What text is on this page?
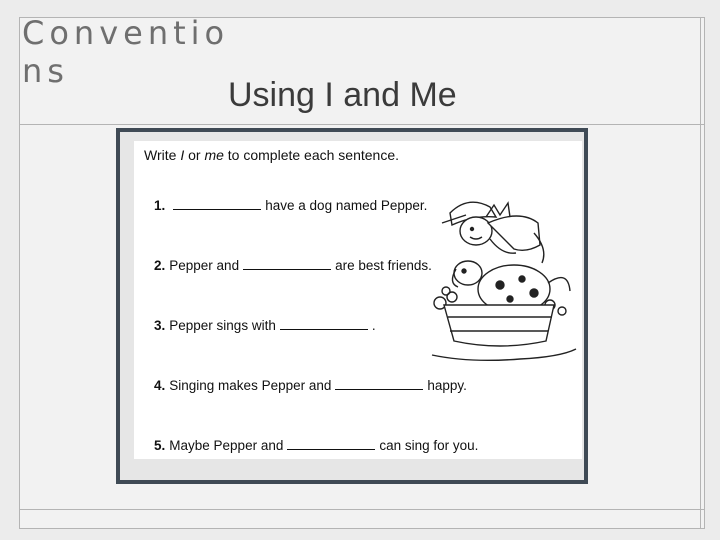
Conventions
Using I and Me
Write I or me to complete each sentence.
1.	have a dog named Pepper.
2. Pepper and	are best friends.
3. Pepper sings with	.
4. Singing makes Pepper and	happy.
5. Maybe Pepper and	can sing for you.
